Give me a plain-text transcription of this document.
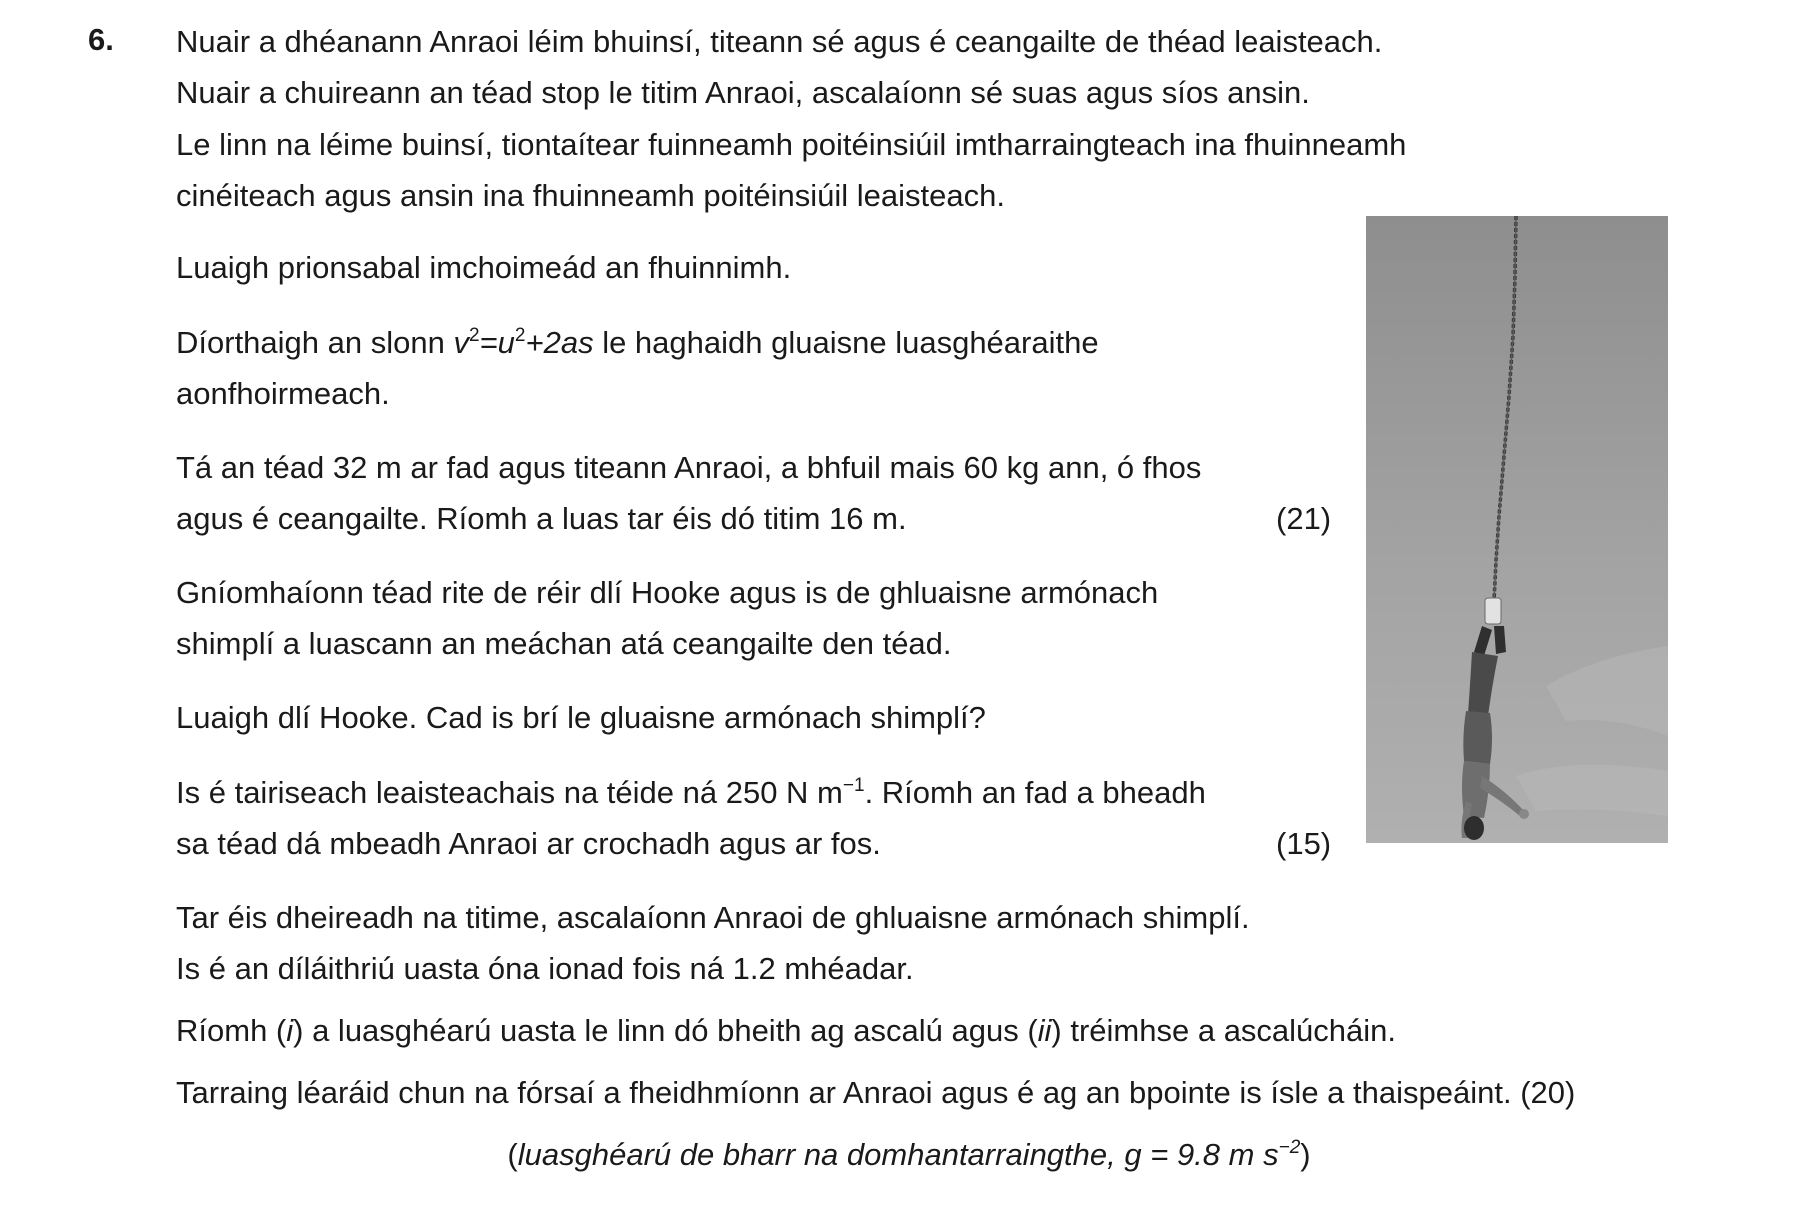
6. Nuair a dhéanann Anraoi léim bhuinsí, titeann sé agus é ceangailte de théad leaisteach.
Nuair a chuireann an téad stop le titim Anraoi, ascalaíonn sé suas agus síos ansin.
Le linn na léime buinsí, tiontaítear fuinneamh poitéinsiúil imtharraingteach ina fhuinneamh
cinéiteach agus ansin ina fhuinneamh poitéinsiúil leaisteach.
Luaigh prionsabal imchoimeád an fhuinnimh.
Díorthaigh an slonn $v^2=u^2+2as$ le haghaidh gluaisne luasghéaraithe
aonfhoirmeach.
Tá an téad 32 m ar fad agus titeann Anraoi, a bhfuil mais 60 kg ann, ó fhos
agus é ceangailte. Ríomh a luas tar éis dó titim 16 m.	(21)
Gníomhaíonn téad rite de réir dlí Hooke agus is de ghluaisne armónach
shimplí a luascann an meáchan atá ceangailte den téad.
Luaigh dlí Hooke. Cad is brí le gluaisne armónach shimplí?
Is é tairiseach leaisteachais na téide ná 250 N $m^{-1}$. Ríomh an fad a bheadh
sa téad dá mbeadh Anraoi ar crochadh agus ar fos.	(15)
Tar éis dheireadh na titime, ascalaíonn Anraoi de ghluaisne armónach shimplí.
Is é an díláithriú uasta óna ionad fois ná 1.2 mhéadar.
Ríomh (i) a luasghéarú uasta le linn dó bheith ag ascalú agus (ii) tréimhse a ascalúcháin.
Tarraing léaráid chun na fórsaí a fheidhmíonn ar Anraoi agus é ag an bpointe is ísle a thaispeáint. (20)
(luasghéarú de bharr na domhantarraingthe, g = 9.8 m $s^{-2}$)
